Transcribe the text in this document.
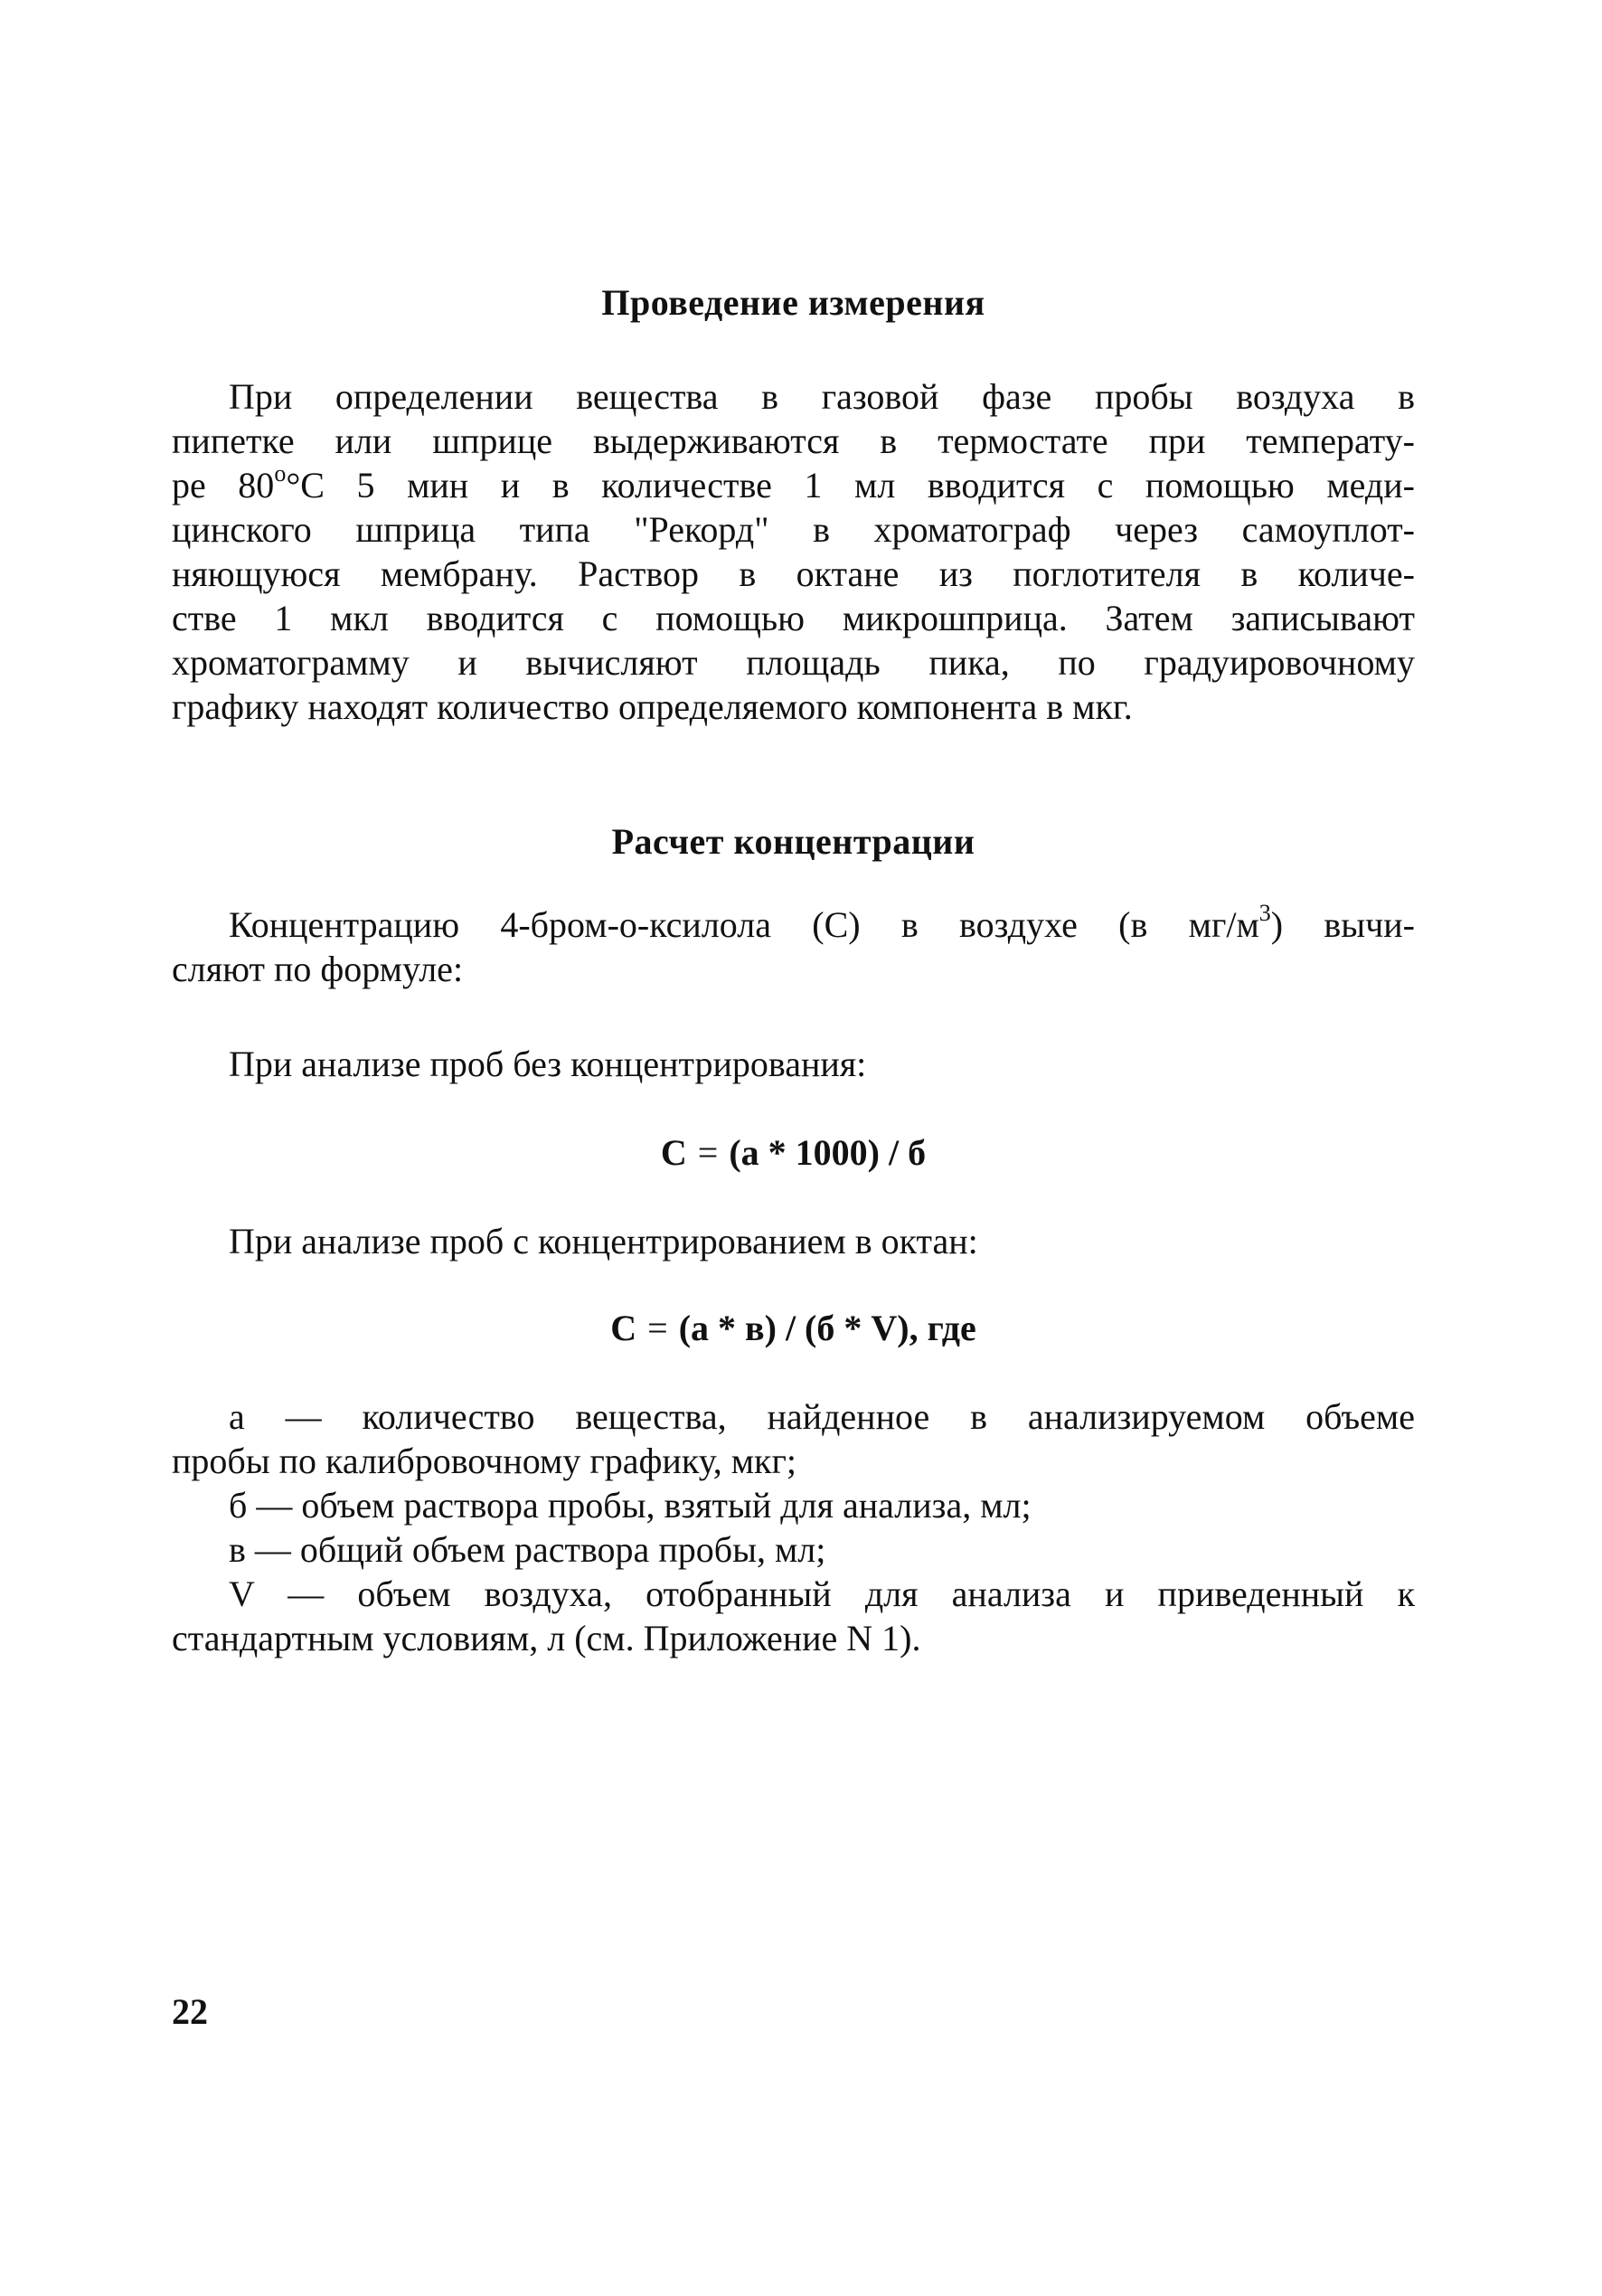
Проведение измерения
При определении вещества в газовой фазе пробы воздуха в
пипетке или шприце выдерживаются в термостате при температу-
ре $80^о^\circ С$ 5 мин и в количестве 1 мл вводится с помощью меди-
цинского шприца типа "Рекорд" в хроматограф через самоуплот-
няющуюся мембрану. Раствор в октане из поглотителя в количе-
стве 1 мкл вводится с помощью микрошприца. Затем записывают
хроматограмму и вычисляют площадь пика, по градуировочному
графику находят количество определяемого компонента в мкг.
Расчет концентрации
Концентрацию 4-бром-о-ксилола (С) в воздухе (в $мг/м^3$) вычи-
сляют по формуле:
При анализе проб без концентрирования:
С = (а * 1000) / б
При анализе проб с концентрированием в октан:
С = (а * в) / (б * V), где
а — количество вещества, найденное в анализируемом объеме
пробы по калибровочному графику, мкг;
б — объем раствора пробы, взятый для анализа, мл;
в — общий объем раствора пробы, мл;
V — объем воздуха, отобранный для анализа и приведенный к
стандартным условиям, л (см. Приложение N 1).
22
